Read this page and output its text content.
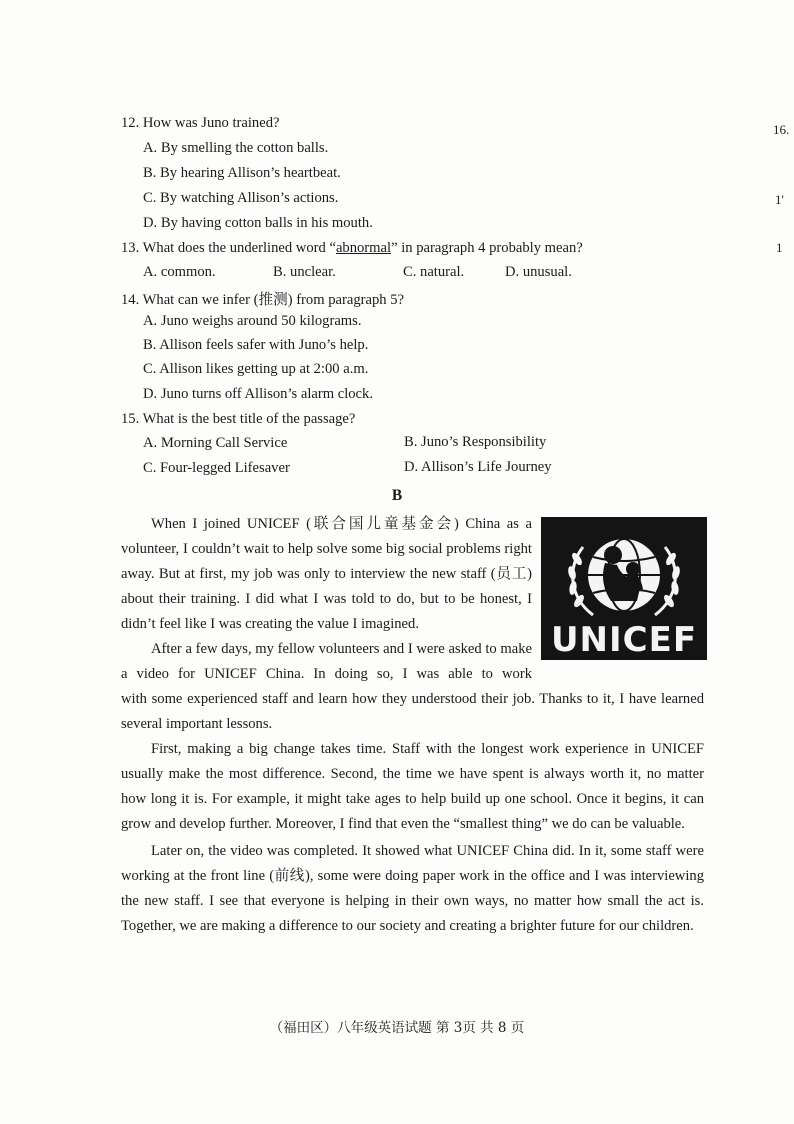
16.
1'
1
12. How was Juno trained?
A. By smelling the cotton balls.
B. By hearing Allison’s heartbeat.
C. By watching Allison’s actions.
D. By having cotton balls in his mouth.
13. What does the underlined word “abnormal” in paragraph 4 probably mean?
A. common.	B. unclear.	C. natural.	D. unusual.
14. What can we infer (推测) from paragraph 5?
A. Juno weighs around 50 kilograms.
B. Allison feels safer with Juno’s help.
C. Allison likes getting up at 2:00 a.m.
D. Juno turns off Allison’s alarm clock.
15. What is the best title of the passage?
A. Morning Call Service	B. Juno’s Responsibility
C. Four-legged Lifesaver	D. Allison’s Life Journey
B

When I joined UNICEF (联合国儿童基金会) China as a volunteer, I couldn’t wait to help solve some big social problems right away. But at first, my job was only to interview the new staff (员工) about their training. I did what I was told to do, but to be honest, I didn’t feel like I was creating the value I imagined.

After a few days, my fellow volunteers and I were asked to make a video for UNICEF China. In doing so, I was able to work

with some experienced staff and learn how they understood their job. Thanks to it, I have learned several important lessons.

First, making a big change takes time. Staff with the longest work experience in UNICEF usually make the most difference. Second, the time we have spent is always worth it, no matter how long it is. For example, it might take ages to help build up one school. Once it begins, it can grow and develop further. Moreover, I find that even the “smallest thing” we do can be valuable.

Later on, the video was completed. It showed what UNICEF China did. In it, some staff were working at the front line (前线), some were doing paper work in the office and I was interviewing the new staff. I see that everyone is helping in their own ways, no matter how small the act is. Together, we are making a difference to our society and creating a brighter future for our children.

UNICEF
（福田区）八年级英语试题 第 3页 共 8 页
